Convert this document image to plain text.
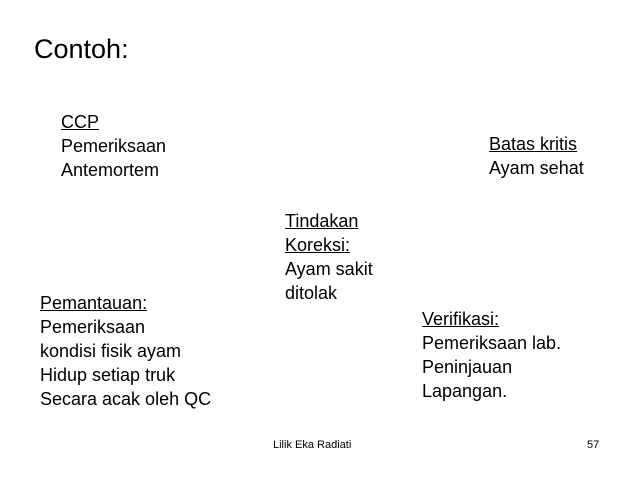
Contoh:
CCP
Pemeriksaan
Antemortem
Batas kritis
Ayam sehat
Tindakan
Koreksi:
Ayam sakit
ditolak
Pemantauan:
Pemeriksaan
kondisi fisik ayam
Hidup setiap truk
Secara acak oleh QC
Verifikasi:
Pemeriksaan lab.
Peninjauan
Lapangan.
Lilik Eka Radiati	57
